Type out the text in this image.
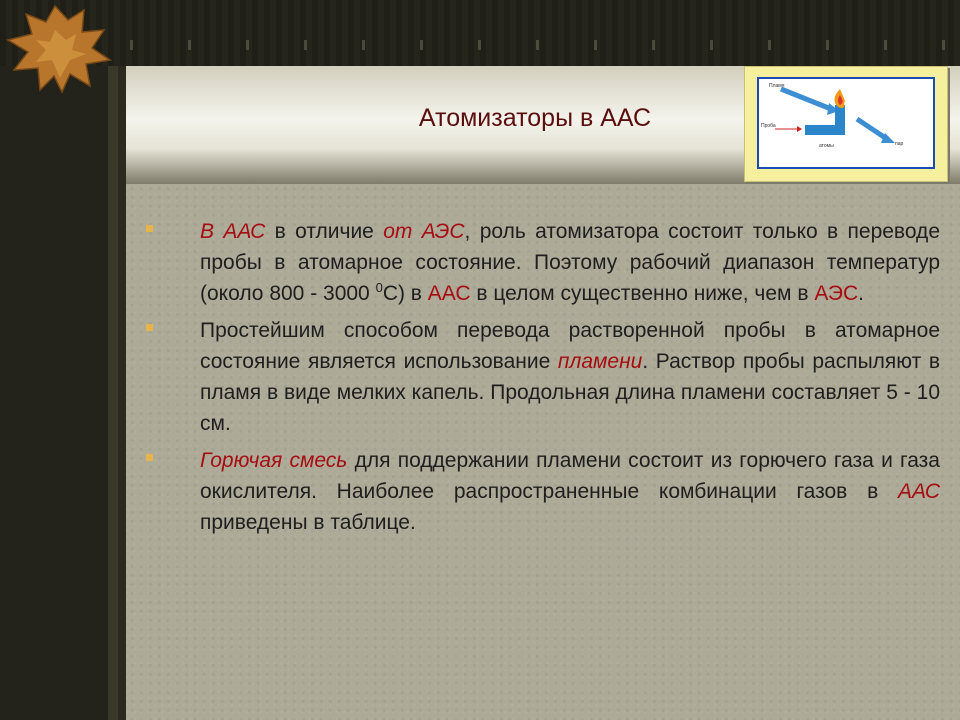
Атомизаторы в ААС
Пламя
Проба
атомы	пар
В ААС в отличие от АЭС, роль атомизатора состоит только в переводе пробы в атомарное состояние. Поэтому рабочий диапазон температур (около 800 - 3000 $^0$С) в ААС в целом существенно ниже, чем в АЭС.
Простейшим способом перевода растворенной пробы в атомарное состояние является использование пламени. Раствор пробы распыляют в пламя в виде мелких капель. Продольная длина пламени составляет 5 - 10 см.
Горючая смесь для поддержании пламени состоит из горючего газа и газа окислителя. Наиболее распространенные комбинации газов в ААС приведены в таблице.
